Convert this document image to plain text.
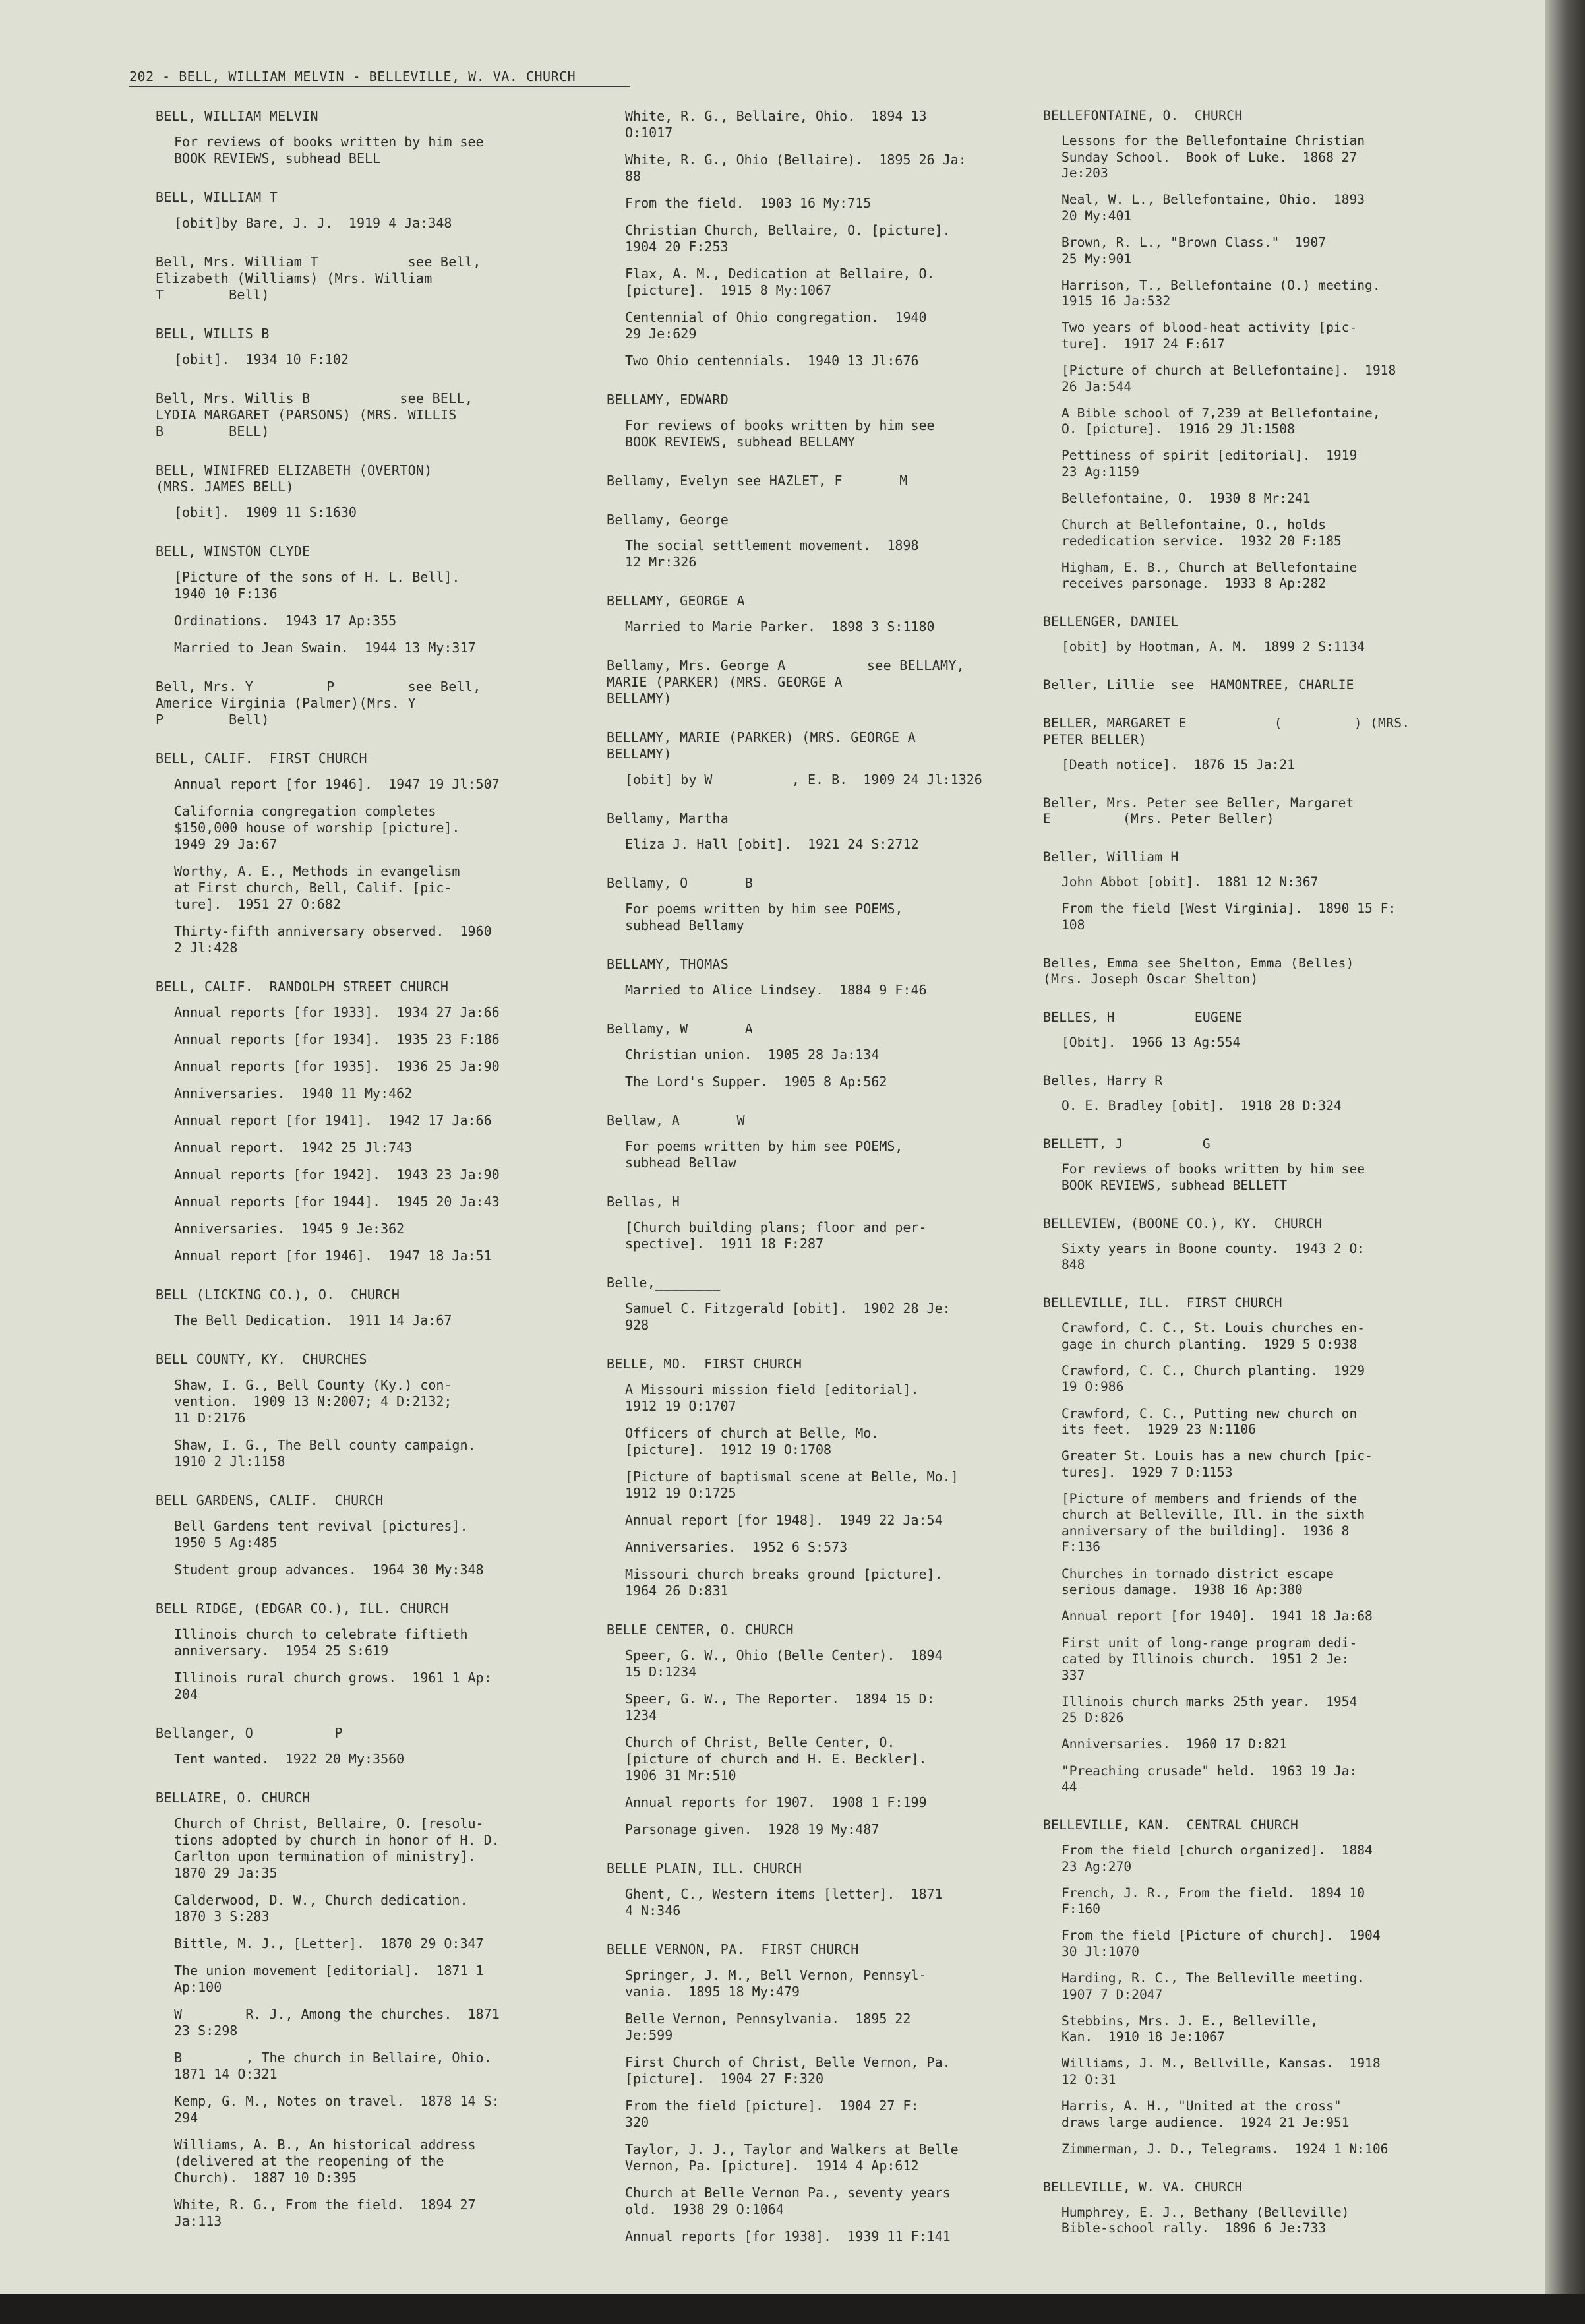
202 - BELL, WILLIAM MELVIN - BELLEVILLE, W. VA. CHURCH
BELL, WILLIAM MELVIN
For reviews of books written by him see
BOOK REVIEWS, subhead BELL
BELL, WILLIAM T
[obit]by Bare, J. J.  1919 4 Ja:348
Bell, Mrs. William T           see Bell,
Elizabeth (Williams) (Mrs. William
T        Bell)
BELL, WILLIS B
[obit].  1934 10 F:102
Bell, Mrs. Willis B           see BELL,
LYDIA MARGARET (PARSONS) (MRS. WILLIS
B        BELL)
BELL, WINIFRED ELIZABETH (OVERTON)
(MRS. JAMES BELL)
[obit].  1909 11 S:1630
BELL, WINSTON CLYDE
[Picture of the sons of H. L. Bell].
1940 10 F:136
Ordinations.  1943 17 Ap:355
Married to Jean Swain.  1944 13 My:317
Bell, Mrs. Y         P         see Bell,
Americe Virginia (Palmer)(Mrs. Y
P        Bell)
BELL, CALIF.  FIRST CHURCH
Annual report [for 1946].  1947 19 Jl:507
California congregation completes
$150,000 house of worship [picture].
1949 29 Ja:67
Worthy, A. E., Methods in evangelism
at First church, Bell, Calif. [pic-
ture].  1951 27 O:682
Thirty-fifth anniversary observed.  1960
2 Jl:428
BELL, CALIF.  RANDOLPH STREET CHURCH
Annual reports [for 1933].  1934 27 Ja:66
Annual reports [for 1934].  1935 23 F:186
Annual reports [for 1935].  1936 25 Ja:90
Anniversaries.  1940 11 My:462
Annual report [for 1941].  1942 17 Ja:66
Annual report.  1942 25 Jl:743
Annual reports [for 1942].  1943 23 Ja:90
Annual reports [for 1944].  1945 20 Ja:43
Anniversaries.  1945 9 Je:362
Annual report [for 1946].  1947 18 Ja:51
BELL (LICKING CO.), O.  CHURCH
The Bell Dedication.  1911 14 Ja:67
BELL COUNTY, KY.  CHURCHES
Shaw, I. G., Bell County (Ky.) con-
vention.  1909 13 N:2007; 4 D:2132;
11 D:2176
Shaw, I. G., The Bell county campaign.
1910 2 Jl:1158
BELL GARDENS, CALIF.  CHURCH
Bell Gardens tent revival [pictures].
1950 5 Ag:485
Student group advances.  1964 30 My:348
BELL RIDGE, (EDGAR CO.), ILL. CHURCH
Illinois church to celebrate fiftieth
anniversary.  1954 25 S:619
Illinois rural church grows.  1961 1 Ap:
204
Bellanger, O          P
Tent wanted.  1922 20 My:3560
BELLAIRE, O. CHURCH
Church of Christ, Bellaire, O. [resolu-
tions adopted by church in honor of H. D.
Carlton upon termination of ministry].
1870 29 Ja:35
Calderwood, D. W., Church dedication.
1870 3 S:283
Bittle, M. J., [Letter].  1870 29 O:347
The union movement [editorial].  1871 1
Ap:100
W        R. J., Among the churches.  1871
23 S:298
B        , The church in Bellaire, Ohio.
1871 14 O:321
Kemp, G. M., Notes on travel.  1878 14 S:
294
Williams, A. B., An historical address
(delivered at the reopening of the
Church).  1887 10 D:395
White, R. G., From the field.  1894 27
Ja:113
White, R. G., Bellaire, Ohio.  1894 13
O:1017
White, R. G., Ohio (Bellaire).  1895 26 Ja:
88
From the field.  1903 16 My:715
Christian Church, Bellaire, O. [picture].
1904 20 F:253
Flax, A. M., Dedication at Bellaire, O.
[picture].  1915 8 My:1067
Centennial of Ohio congregation.  1940
29 Je:629
Two Ohio centennials.  1940 13 Jl:676
BELLAMY, EDWARD
For reviews of books written by him see
BOOK REVIEWS, subhead BELLAMY
Bellamy, Evelyn see HAZLET, F       M
Bellamy, George
The social settlement movement.  1898
12 Mr:326
BELLAMY, GEORGE A
Married to Marie Parker.  1898 3 S:1180
Bellamy, Mrs. George A          see BELLAMY,
MARIE (PARKER) (MRS. GEORGE A
BELLAMY)
BELLAMY, MARIE (PARKER) (MRS. GEORGE A
BELLAMY)
[obit] by W          , E. B.  1909 24 Jl:1326
Bellamy, Martha
Eliza J. Hall [obit].  1921 24 S:2712
Bellamy, O       B
For poems written by him see POEMS,
subhead Bellamy
BELLAMY, THOMAS
Married to Alice Lindsey.  1884 9 F:46
Bellamy, W       A
Christian union.  1905 28 Ja:134
The Lord's Supper.  1905 8 Ap:562
Bellaw, A       W
For poems written by him see POEMS,
subhead Bellaw
Bellas, H
[Church building plans; floor and per-
spective].  1911 18 F:287
Belle,________
Samuel C. Fitzgerald [obit].  1902 28 Je:
928
BELLE, MO.  FIRST CHURCH
A Missouri mission field [editorial].
1912 19 O:1707
Officers of church at Belle, Mo.
[picture].  1912 19 O:1708
[Picture of baptismal scene at Belle, Mo.]
1912 19 O:1725
Annual report [for 1948].  1949 22 Ja:54
Anniversaries.  1952 6 S:573
Missouri church breaks ground [picture].
1964 26 D:831
BELLE CENTER, O. CHURCH
Speer, G. W., Ohio (Belle Center).  1894
15 D:1234
Speer, G. W., The Reporter.  1894 15 D:
1234
Church of Christ, Belle Center, O.
[picture of church and H. E. Beckler].
1906 31 Mr:510
Annual reports for 1907.  1908 1 F:199
Parsonage given.  1928 19 My:487
BELLE PLAIN, ILL. CHURCH
Ghent, C., Western items [letter].  1871
4 N:346
BELLE VERNON, PA.  FIRST CHURCH
Springer, J. M., Bell Vernon, Pennsyl-
vania.  1895 18 My:479
Belle Vernon, Pennsylvania.  1895 22
Je:599
First Church of Christ, Belle Vernon, Pa.
[picture].  1904 27 F:320
From the field [picture].  1904 27 F:
320
Taylor, J. J., Taylor and Walkers at Belle
Vernon, Pa. [picture].  1914 4 Ap:612
Church at Belle Vernon Pa., seventy years
old.  1938 29 O:1064
Annual reports [for 1938].  1939 11 F:141
BELLEFONTAINE, O.  CHURCH
Lessons for the Bellefontaine Christian
Sunday School.  Book of Luke.  1868 27
Je:203
Neal, W. L., Bellefontaine, Ohio.  1893
20 My:401
Brown, R. L., "Brown Class."  1907
25 My:901
Harrison, T., Bellefontaine (O.) meeting.
1915 16 Ja:532
Two years of blood-heat activity [pic-
ture].  1917 24 F:617
[Picture of church at Bellefontaine].  1918
26 Ja:544
A Bible school of 7,239 at Bellefontaine,
O. [picture].  1916 29 Jl:1508
Pettiness of spirit [editorial].  1919
23 Ag:1159
Bellefontaine, O.  1930 8 Mr:241
Church at Bellefontaine, O., holds
rededication service.  1932 20 F:185
Higham, E. B., Church at Bellefontaine
receives parsonage.  1933 8 Ap:282
BELLENGER, DANIEL
[obit] by Hootman, A. M.  1899 2 S:1134
Beller, Lillie  see  HAMONTREE, CHARLIE
BELLER, MARGARET E           (         ) (MRS.
PETER BELLER)
[Death notice].  1876 15 Ja:21
Beller, Mrs. Peter see Beller, Margaret
E         (Mrs. Peter Beller)
Beller, William H
John Abbot [obit].  1881 12 N:367
From the field [West Virginia].  1890 15 F:
108
Belles, Emma see Shelton, Emma (Belles)
(Mrs. Joseph Oscar Shelton)
BELLES, H          EUGENE
[Obit].  1966 13 Ag:554
Belles, Harry R
O. E. Bradley [obit].  1918 28 D:324
BELLETT, J          G
For reviews of books written by him see
BOOK REVIEWS, subhead BELLETT
BELLEVIEW, (BOONE CO.), KY.  CHURCH
Sixty years in Boone county.  1943 2 O:
848
BELLEVILLE, ILL.  FIRST CHURCH
Crawford, C. C., St. Louis churches en-
gage in church planting.  1929 5 O:938
Crawford, C. C., Church planting.  1929
19 O:986
Crawford, C. C., Putting new church on
its feet.  1929 23 N:1106
Greater St. Louis has a new church [pic-
tures].  1929 7 D:1153
[Picture of members and friends of the
church at Belleville, Ill. in the sixth
anniversary of the building].  1936 8
F:136
Churches in tornado district escape
serious damage.  1938 16 Ap:380
Annual report [for 1940].  1941 18 Ja:68
First unit of long-range program dedi-
cated by Illinois church.  1951 2 Je:
337
Illinois church marks 25th year.  1954
25 D:826
Anniversaries.  1960 17 D:821
"Preaching crusade" held.  1963 19 Ja:
44
BELLEVILLE, KAN.  CENTRAL CHURCH
From the field [church organized].  1884
23 Ag:270
French, J. R., From the field.  1894 10
F:160
From the field [Picture of church].  1904
30 Jl:1070
Harding, R. C., The Belleville meeting.
1907 7 D:2047
Stebbins, Mrs. J. E., Belleville,
Kan.  1910 18 Je:1067
Williams, J. M., Bellville, Kansas.  1918
12 O:31
Harris, A. H., "United at the cross"
draws large audience.  1924 21 Je:951
Zimmerman, J. D., Telegrams.  1924 1 N:106
BELLEVILLE, W. VA. CHURCH
Humphrey, E. J., Bethany (Belleville)
Bible-school rally.  1896 6 Je:733
